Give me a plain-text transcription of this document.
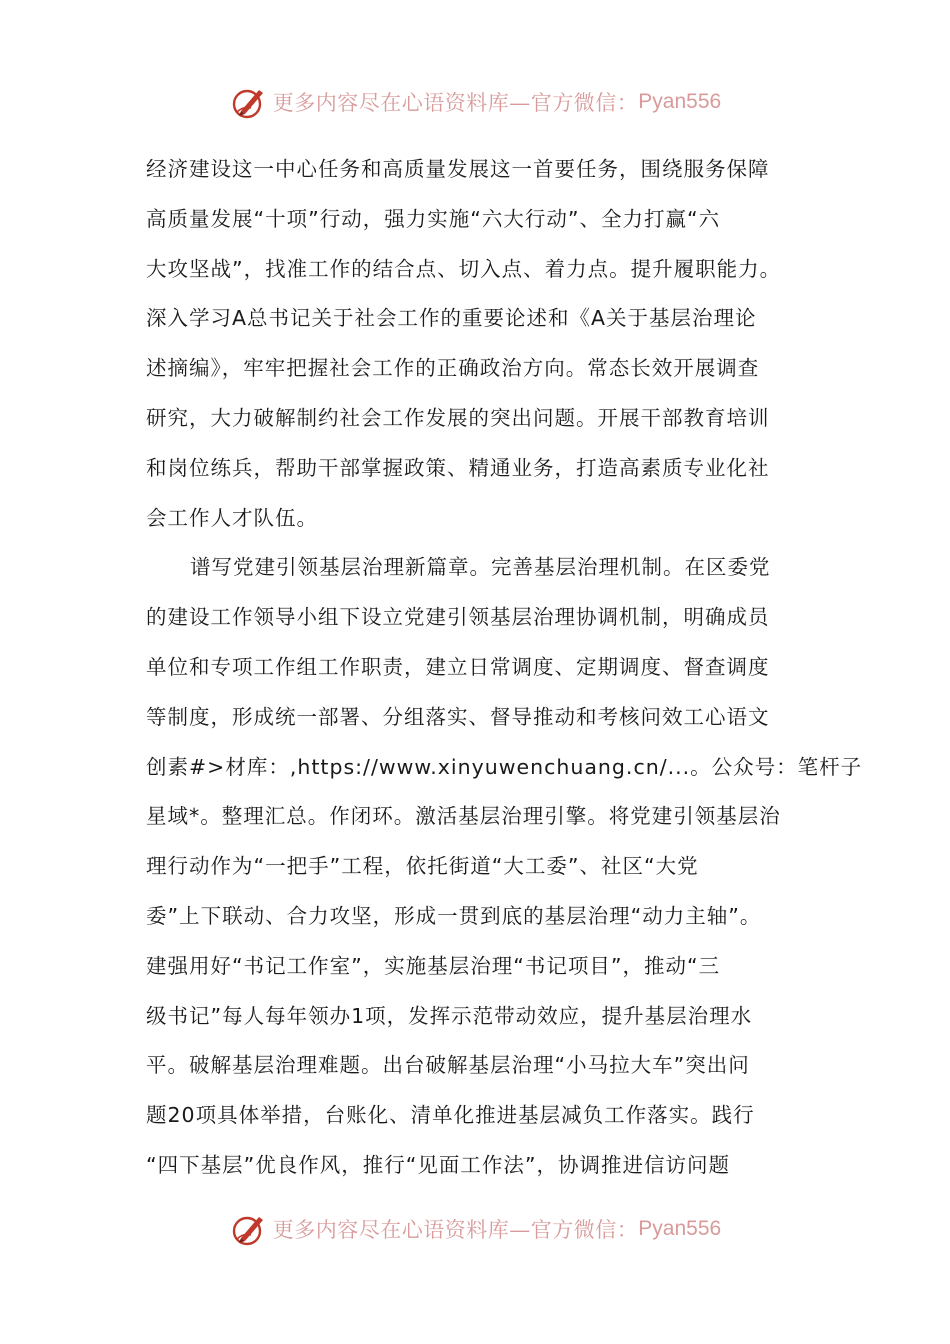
更多内容尽在心语资料库—官方微信： Pyan556
经济建设这一中心任务和高质量发展这一首要任务，围绕服务保障
高质量发展“十项”行动，强力实施“六大行动”、全力打赢“六
大攻坚战”，找准工作的结合点、切入点、着力点。提升履职能力。
深入学习A总书记关于社会工作的重要论述和《A关于基层治理论
述摘编》，牢牢把握社会工作的正确政治方向。常态长效开展调查
研究，大力破解制约社会工作发展的突出问题。开展干部教育培训
和岗位练兵，帮助干部掌握政策、精通业务，打造高素质专业化社
会工作人才队伍。
谱写党建引领基层治理新篇章。完善基层治理机制。在区委党
的建设工作领导小组下设立党建引领基层治理协调机制，明确成员
单位和专项工作组工作职责，建立日常调度、定期调度、督查调度
等制度，形成统一部署、分组落实、督导推动和考核问效工心语文
创素#>材库：,https://www.xinyuwenchuang.cn/...。公众号：笔杆子
星域*。整理汇总。作闭环。激活基层治理引擎。将党建引领基层治
理行动作为“一把手”工程，依托街道“大工委”、社区“大党
委”上下联动、合力攻坚，形成一贯到底的基层治理“动力主轴”。
建强用好“书记工作室”，实施基层治理“书记项目”，推动“三
级书记”每人每年领办1项，发挥示范带动效应，提升基层治理水
平。破解基层治理难题。出台破解基层治理“小马拉大车”突出问
题20项具体举措，台账化、清单化推进基层减负工作落实。践行
“四下基层”优良作风，推行“见面工作法”，协调推进信访问题
更多内容尽在心语资料库—官方微信： Pyan556
